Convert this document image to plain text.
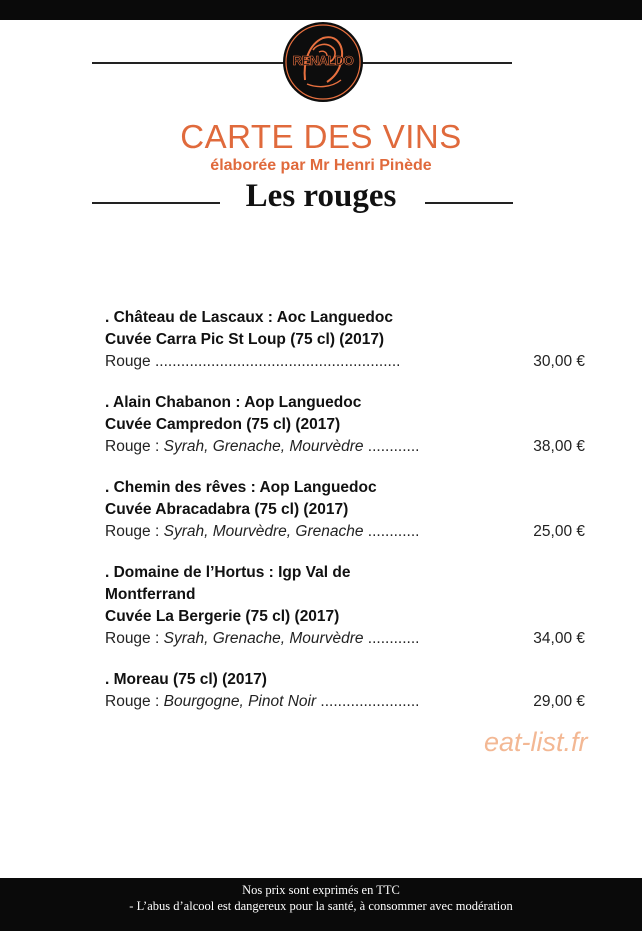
RENALDO
CARTE DES VINS
élaborée par Mr Henri Pinède
Les rouges
. Château de Lascaux : Aoc Languedoc
Cuvée Carra Pic St Loup (75 cl) (2017)
Rouge .........................................................	30,00 €
. Alain Chabanon : Aop Languedoc
Cuvée Campredon (75 cl) (2017)
Rouge : Syrah, Grenache, Mourvèdre ............	38,00 €
. Chemin des rêves : Aop Languedoc
Cuvée Abracadabra (75 cl) (2017)
Rouge : Syrah, Mourvèdre, Grenache ............	25,00 €
. Domaine de l’Hortus : Igp Val de Montferrand
Cuvée La Bergerie (75 cl) (2017)
Rouge : Syrah, Grenache, Mourvèdre ............	34,00 €
. Moreau (75 cl) (2017)
Rouge : Bourgogne, Pinot Noir .......................	29,00 €
eat-list.fr
Nos prix sont exprimés en TTC
- L’abus d’alcool est dangereux pour la santé, à consommer avec modération
